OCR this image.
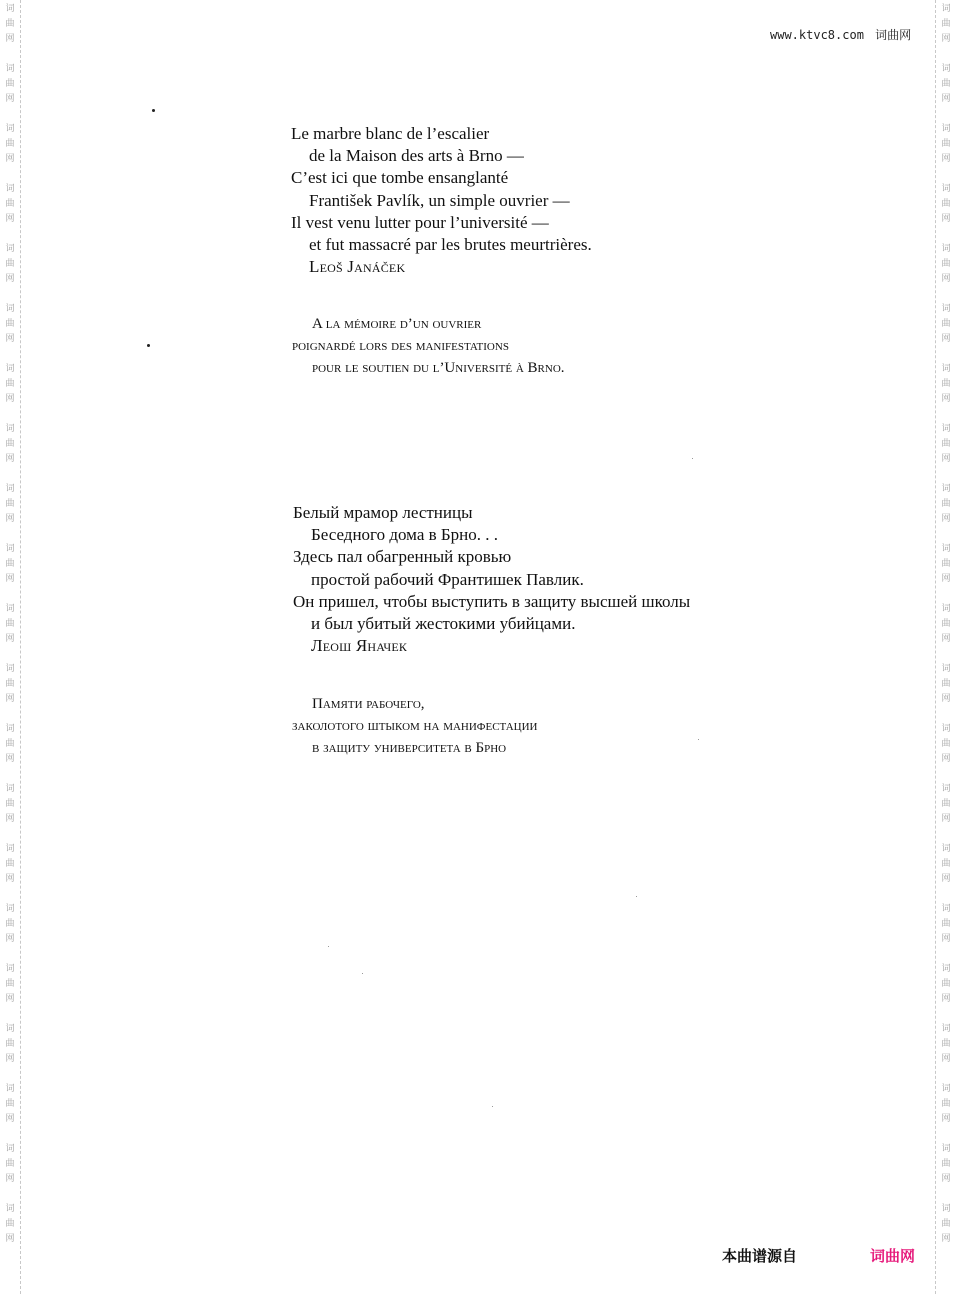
词
曲
网
词
曲
网
词
曲
网
词
曲
网
词
曲
网
词
曲
网
词
曲
网
词
曲
网
词
曲
网
词
曲
网
词
曲
网
词
曲
网
词
曲
网
词
曲
网
词
曲
网
词
曲
网
词
曲
网
词
曲
网
词
曲
网
词
曲
网
词
曲
网
词
曲
网
词
曲
网
词
曲
网
词
曲
网
词
曲
网
词
曲
网
词
曲
网
词
曲
网
词
曲
网
词
曲
网
词
曲
网
词
曲
网
词
曲
网
词
曲
网
词
曲
网
词
曲
网
词
曲
网
词
曲
网
词
曲
网
词
曲
网
词
曲
网
www.ktvc8.com 词曲网
Le marbre blanc de l’escalier
de la Maison des arts à Brno —
C’est ici que tombe ensanglanté
František Pavlík, un simple ouvrier —
Il vest venu lutter pour l’université —
et fut massacré par les brutes meurtrières.
Leoš Janáček
A la mémoire d’un ouvrier
poignardé lors des manifestations
pour le soutien du l’Université à Brno.
Белый мрамор лестницы
Беседного дома в Брно. . .
Здесь пал обагренный кровью
простой рабочий Франтишек Павлик.
Он пришел, чтобы выступить в защиту высшей школы
и был убитый жестокими убийцами.
Леош Яначек
Памяти рабочего,
заколотого штыком на манифестации
в защиту университета в Брно
本曲谱源自	词曲网
